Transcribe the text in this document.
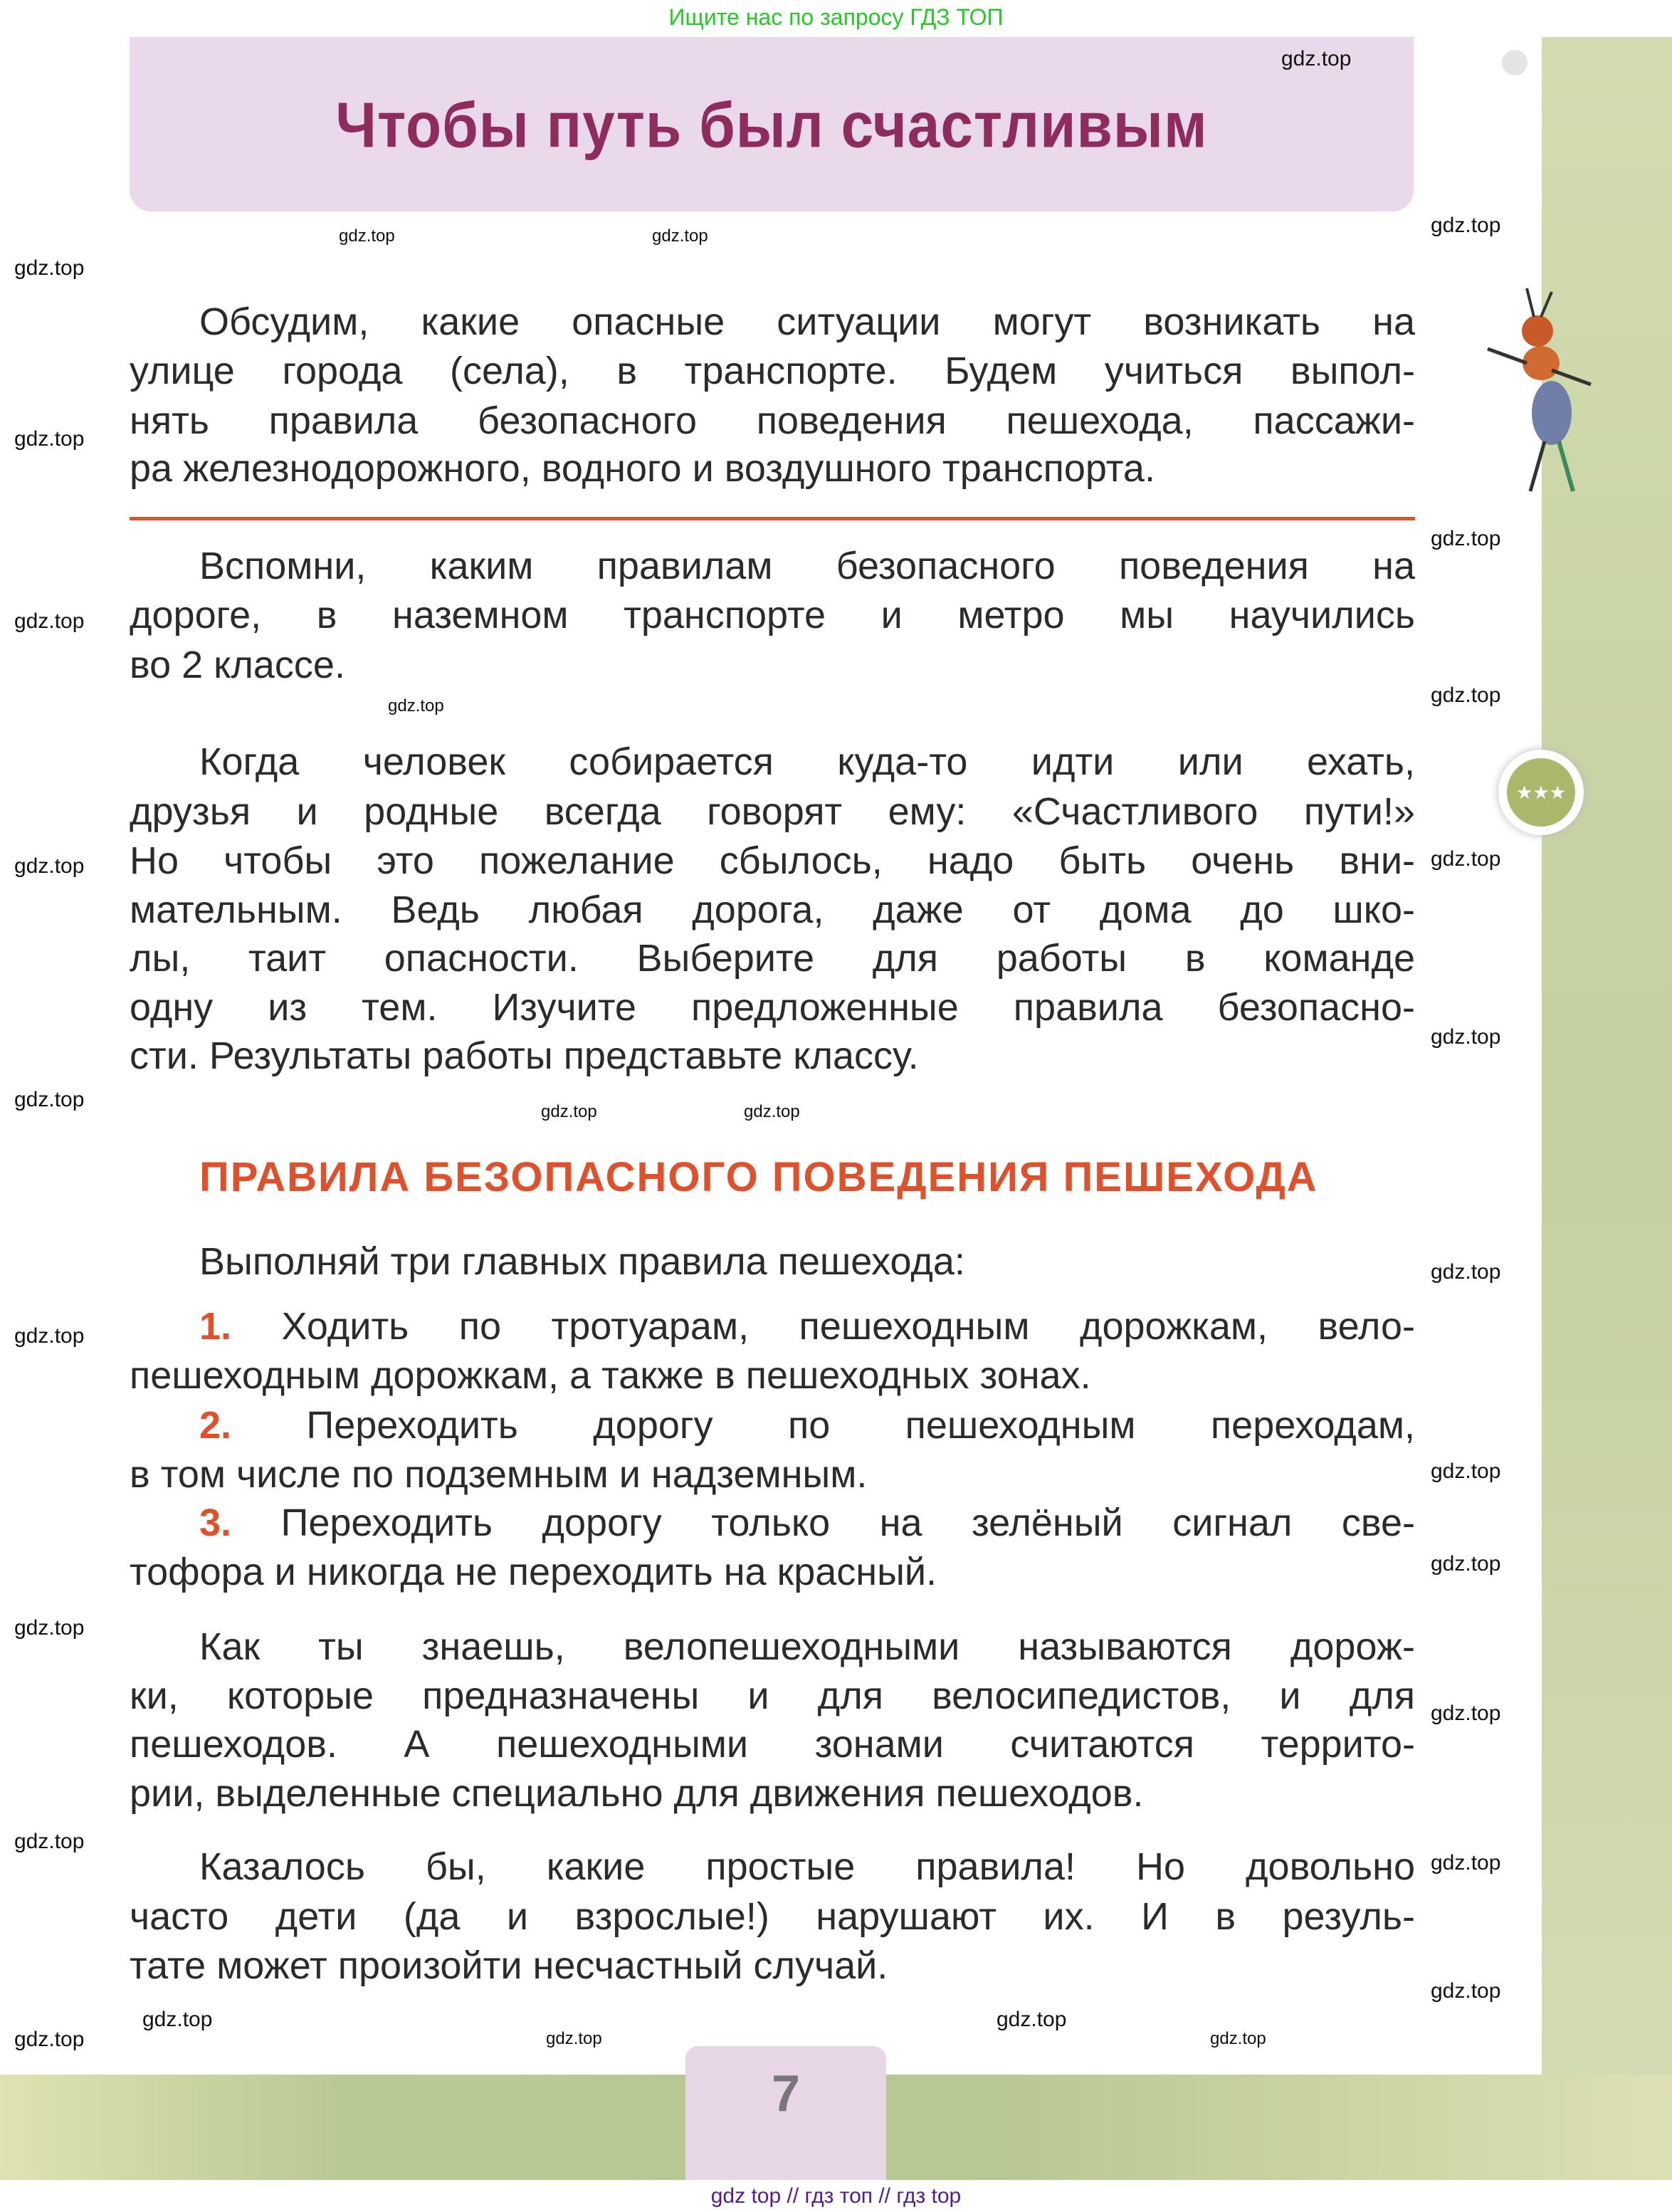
Ищите нас по запросу ГДЗ ТОП
Чтобы путь был счастливым
★★★
Обсудим, какие опасные ситуации могут возникать на
улице города (села), в транспорте. Будем учиться выпол-
нять правила безопасного поведения пешехода, пассажи-
ра железнодорожного, водного и воздушного транспорта.
Вспомни, каким правилам безопасного поведения на
дороге, в наземном транспорте и метро мы научились
во 2 классе.
Когда человек собирается куда-то идти или ехать,
друзья и родные всегда говорят ему: «Счастливого пути!»
Но чтобы это пожелание сбылось, надо быть очень вни-
мательным. Ведь любая дорога, даже от дома до шко-
лы, таит опасности. Выберите для работы в команде
одну из тем. Изучите предложенные правила безопасно-
сти. Результаты работы представьте классу.
Выполняй три главных правила пешехода:
1. Ходить по тротуарам, пешеходным дорожкам, вело-
пешеходным дорожкам, а также в пешеходных зонах.
2. Переходить дорогу по пешеходным переходам,
в том числе по подземным и надземным.
3. Переходить дорогу только на зелёный сигнал све-
тофора и никогда не переходить на красный.
Как ты знаешь, велопешеходными называются дорож-
ки, которые предназначены и для велосипедистов, и для
пешеходов. А пешеходными зонами считаются террито-
рии, выделенные специально для движения пешеходов.
Казалось бы, какие простые правила! Но довольно
часто дети (да и взрослые!) нарушают их. И в резуль-
тате может произойти несчастный случай.
ПРАВИЛА БЕЗОПАСНОГО ПОВЕДЕНИЯ ПЕШЕХОДА
7
gdz top // гдз топ // гдз top
gdz.top
gdz.top
gdz.top
gdz.top	gdz.top
gdz.top
gdz.top
gdz.top	gdz.top
gdz.top
gdz.top
gdz.top
gdz.top	gdz.top
gdz.top
gdz.top
gdz.top
gdz.top
gdz.top
gdz.top
gdz.top
gdz.top
gdz.top
gdz.top
gdz.top
gdz.top
gdz.top
gdz.top
gdz.top	gdz.top
